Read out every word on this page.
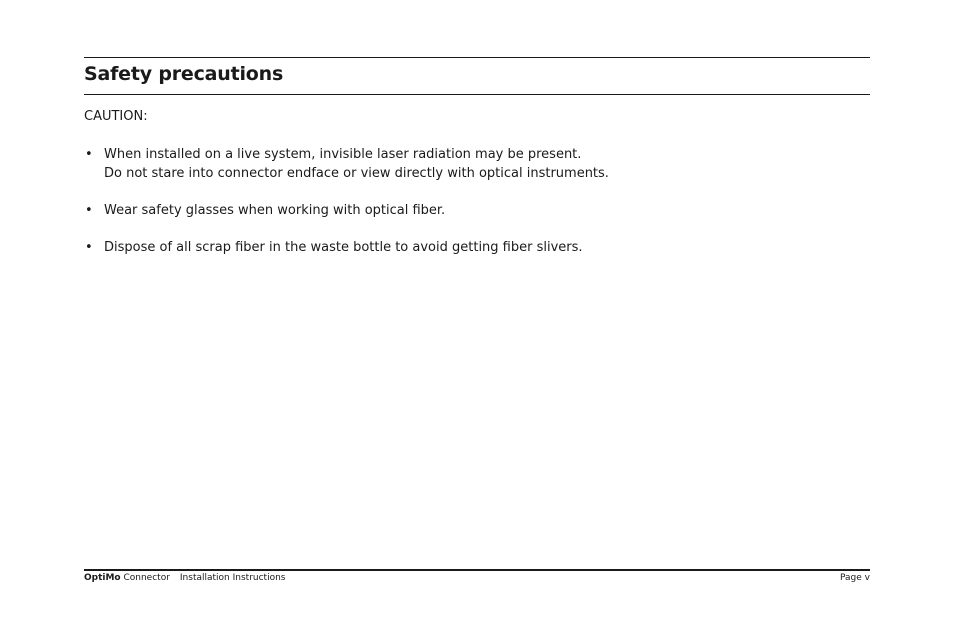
Safety precautions
CAUTION:
• When installed on a live system, invisible laser radiation may be present.
Do not stare into connector endface or view directly with optical instruments.
• Wear safety glasses when working with optical fiber.
• Dispose of all scrap fiber in the waste bottle to avoid getting fiber slivers.
OptiMo Connector Installation Instructions	Page v
